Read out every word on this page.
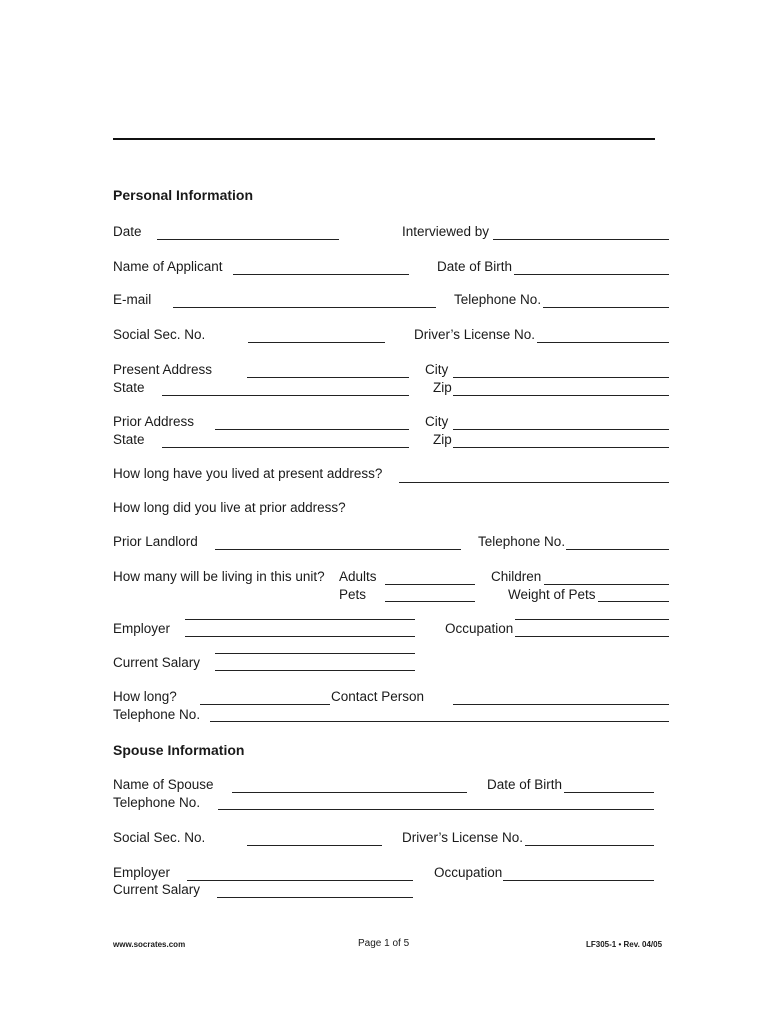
Personal Information
Date	Interviewed by
Name of Applicant	Date of Birth
E-mail	Telephone No.
Social Sec. No.	Driver’s License No.
Present Address	City
State	Zip
Prior Address	City
State	Zip
How long have you lived at present address?
How long did you live at prior address?
Prior Landlord	Telephone No.
How many will be living in this unit? Adults	Children
Pets	Weight of Pets
Employer	Occupation
Current Salary
How long?	Contact Person
Telephone No.
Spouse Information
Name of Spouse	Date of Birth
Telephone No.
Social Sec. No.	Driver’s License No.
Employer	Occupation
Current Salary
www.socrates.com	Page 1 of 5	LF305-1 • Rev. 04/05
